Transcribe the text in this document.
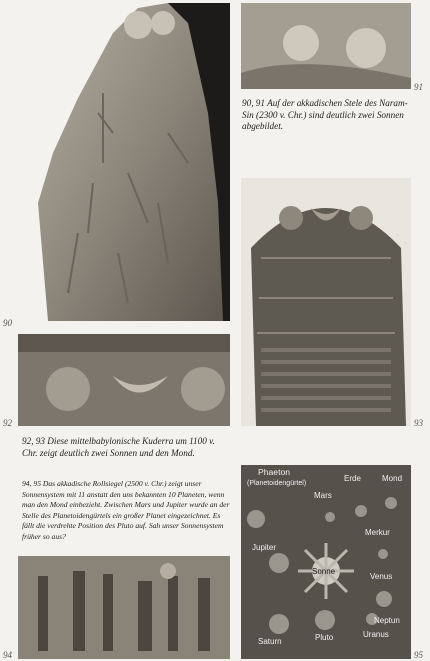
90
91
90, 91 Auf der akkadischen Stele des Naram-Sin (2300 v. Chr.) sind deutlich zwei Sonnen abgebildet.
92	93
92, 93 Diese mittelbabylonische Kuderra um 1100 v. Chr. zeigt deutlich zwei Sonnen und den Mond.
94, 95 Das akkadische Rollsiegel (2500 v. Chr.) zeigt unser Sonnensystem mit 11 anstatt den uns bekannten 10 Planeten, wenn man den Mond einbezieht. Zwischen Mars und Jupiter wurde an der Stelle des Planetoidengürtels ein großer Planet eingezeichnet. Es fällt die verdrehte Position des Pluto auf. Sah unser Sonnensystem früher so aus?
94
Phaeton
(Planetoidengürtel)
Erde	Mond
Mars
Merkur
Jupiter
Sonne
Venus
Neptun
Saturn	Pluto	Uranus
95
